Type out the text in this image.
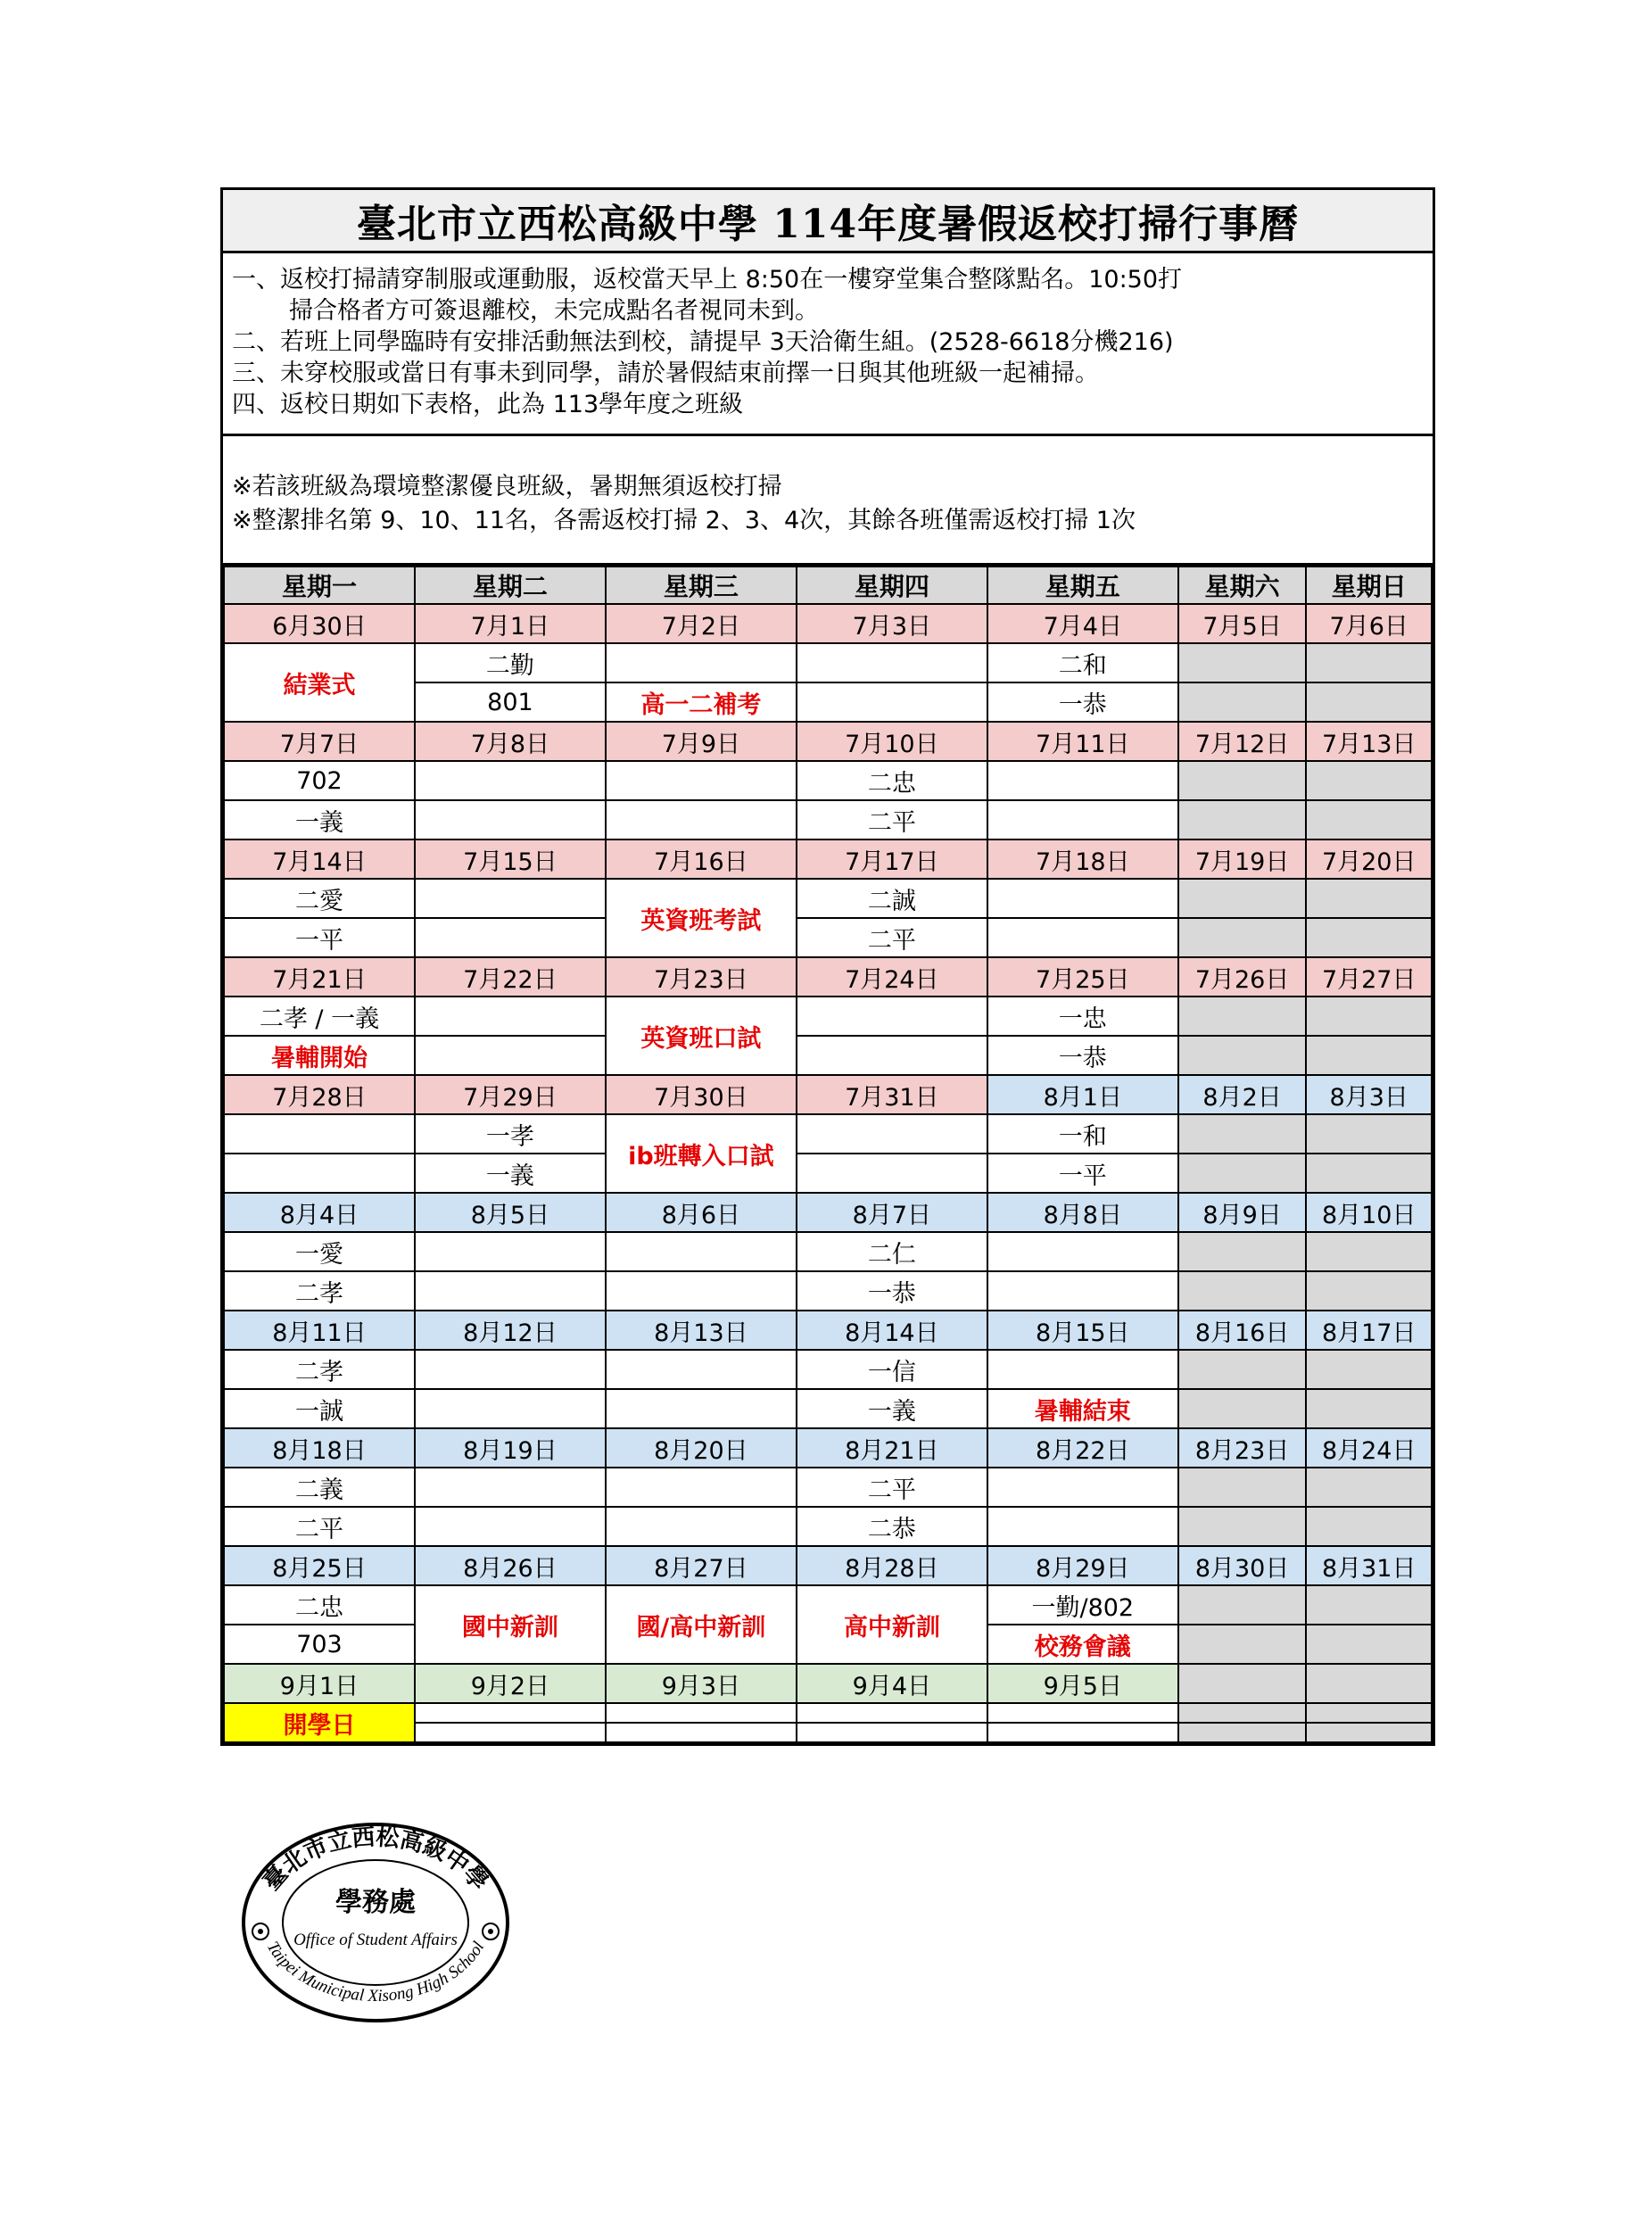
臺北市立西松高級中學 114年度暑假返校打掃行事曆
一、返校打掃請穿制服或運動服，返校當天早上 8:50在一樓穿堂集合整隊點名。10:50打
掃合格者方可簽退離校，未完成點名者視同未到。
二、若班上同學臨時有安排活動無法到校，請提早 3天洽衛生組。(2528-6618分機216)
三、未穿校服或當日有事未到同學，請於暑假結束前擇一日與其他班級一起補掃。
四、返校日期如下表格，此為 113學年度之班級
※若該班級為環境整潔優良班級，暑期無須返校打掃
※整潔排名第 9、10、11名，各需返校打掃 2、3、4次，其餘各班僅需返校打掃 1次
星期一	星期二	星期三	星期四	星期五	星期六	星期日
6月30日	7月1日	7月2日	7月3日	7月4日	7月5日	7月6日
結業式	二勤			二和		
	801	高一二補考		一恭		
7月7日	7月8日	7月9日	7月10日	7月11日	7月12日	7月13日
702			二忠			
一義			二平			
7月14日	7月15日	7月16日	7月17日	7月18日	7月19日	7月20日
二愛		英資班考試	二誠			
一平			二平			
7月21日	7月22日	7月23日	7月24日	7月25日	7月26日	7月27日
二孝 / 一義		英資班口試		一忠		
暑輔開始				一恭		
7月28日	7月29日	7月30日	7月31日	8月1日	8月2日	8月3日
	一孝	ib班轉入口試		一和		
	一義			一平		
8月4日	8月5日	8月6日	8月7日	8月8日	8月9日	8月10日
一愛			二仁			
二孝			一恭			
8月11日	8月12日	8月13日	8月14日	8月15日	8月16日	8月17日
二孝			一信			
一誠			一義	暑輔結束		
8月18日	8月19日	8月20日	8月21日	8月22日	8月23日	8月24日
二義			二平			
二平			二恭			
8月25日	8月26日	8月27日	8月28日	8月29日	8月30日	8月31日
二忠	國中新訓	國/高中新訓	高中新訓	一勤/802		
703				校務會議		
9月1日	9月2日	9月3日	9月4日	9月5日		
開學日						

臺北市立西松高級中學
Taipei Municipal Xisong High School
學務處
Office of Student Affairs
